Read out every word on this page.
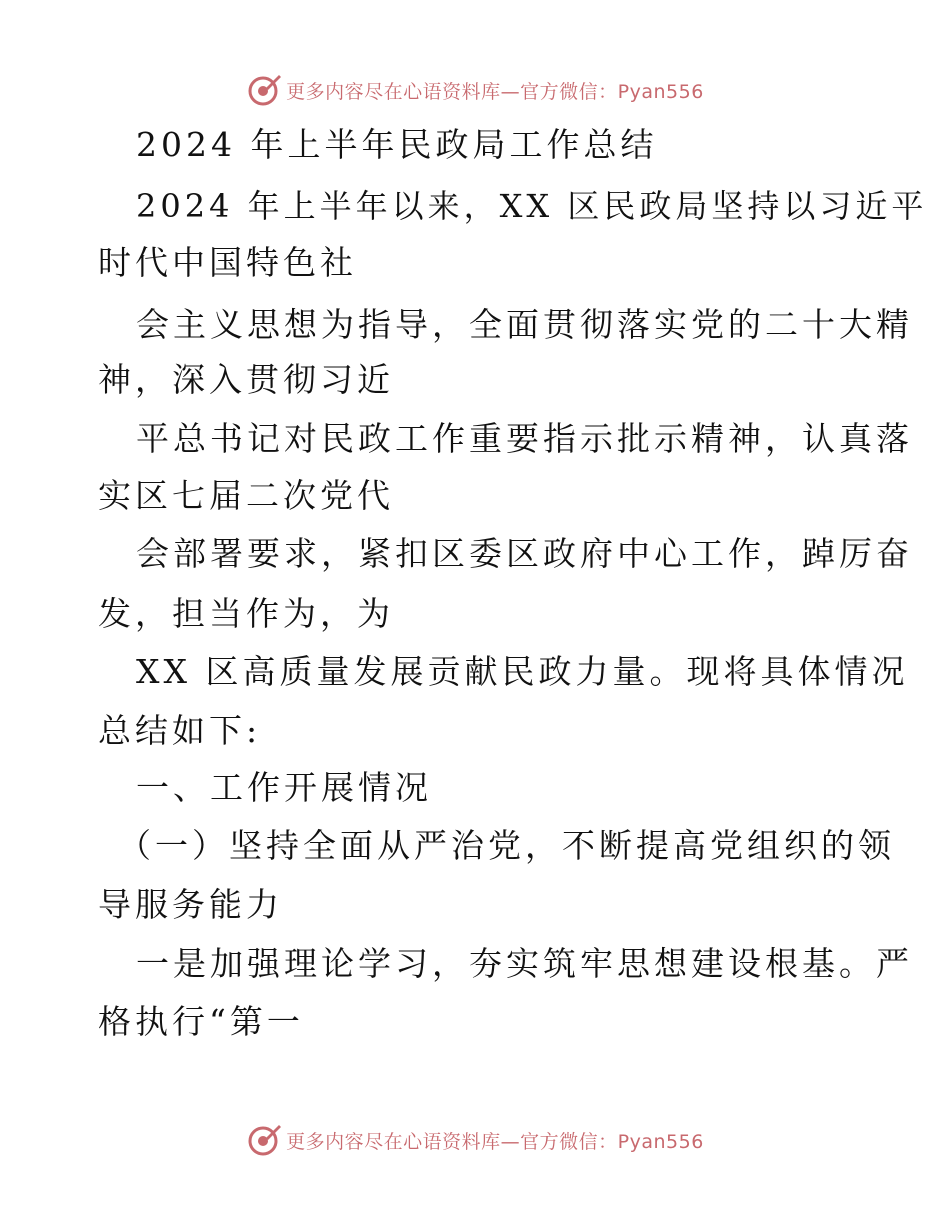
更多内容尽在心语资料库—官方微信：Pyan556
2024 年上半年民政局工作总结
2024 年上半年以来，XX 区民政局坚持以习近平
时代中国特色社
会主义思想为指导，全面贯彻落实党的二十大精
神，深入贯彻习近
平总书记对民政工作重要指示批示精神，认真落
实区七届二次党代
会部署要求，紧扣区委区政府中心工作，踔厉奋
发，担当作为，为
XX 区高质量发展贡献民政力量。现将具体情况
总结如下:
一、工作开展情况
（一）坚持全面从严治党，不断提高党组织的领
导服务能力
一是加强理论学习，夯实筑牢思想建设根基。严
格执行“第一
更多内容尽在心语资料库—官方微信：Pyan556
